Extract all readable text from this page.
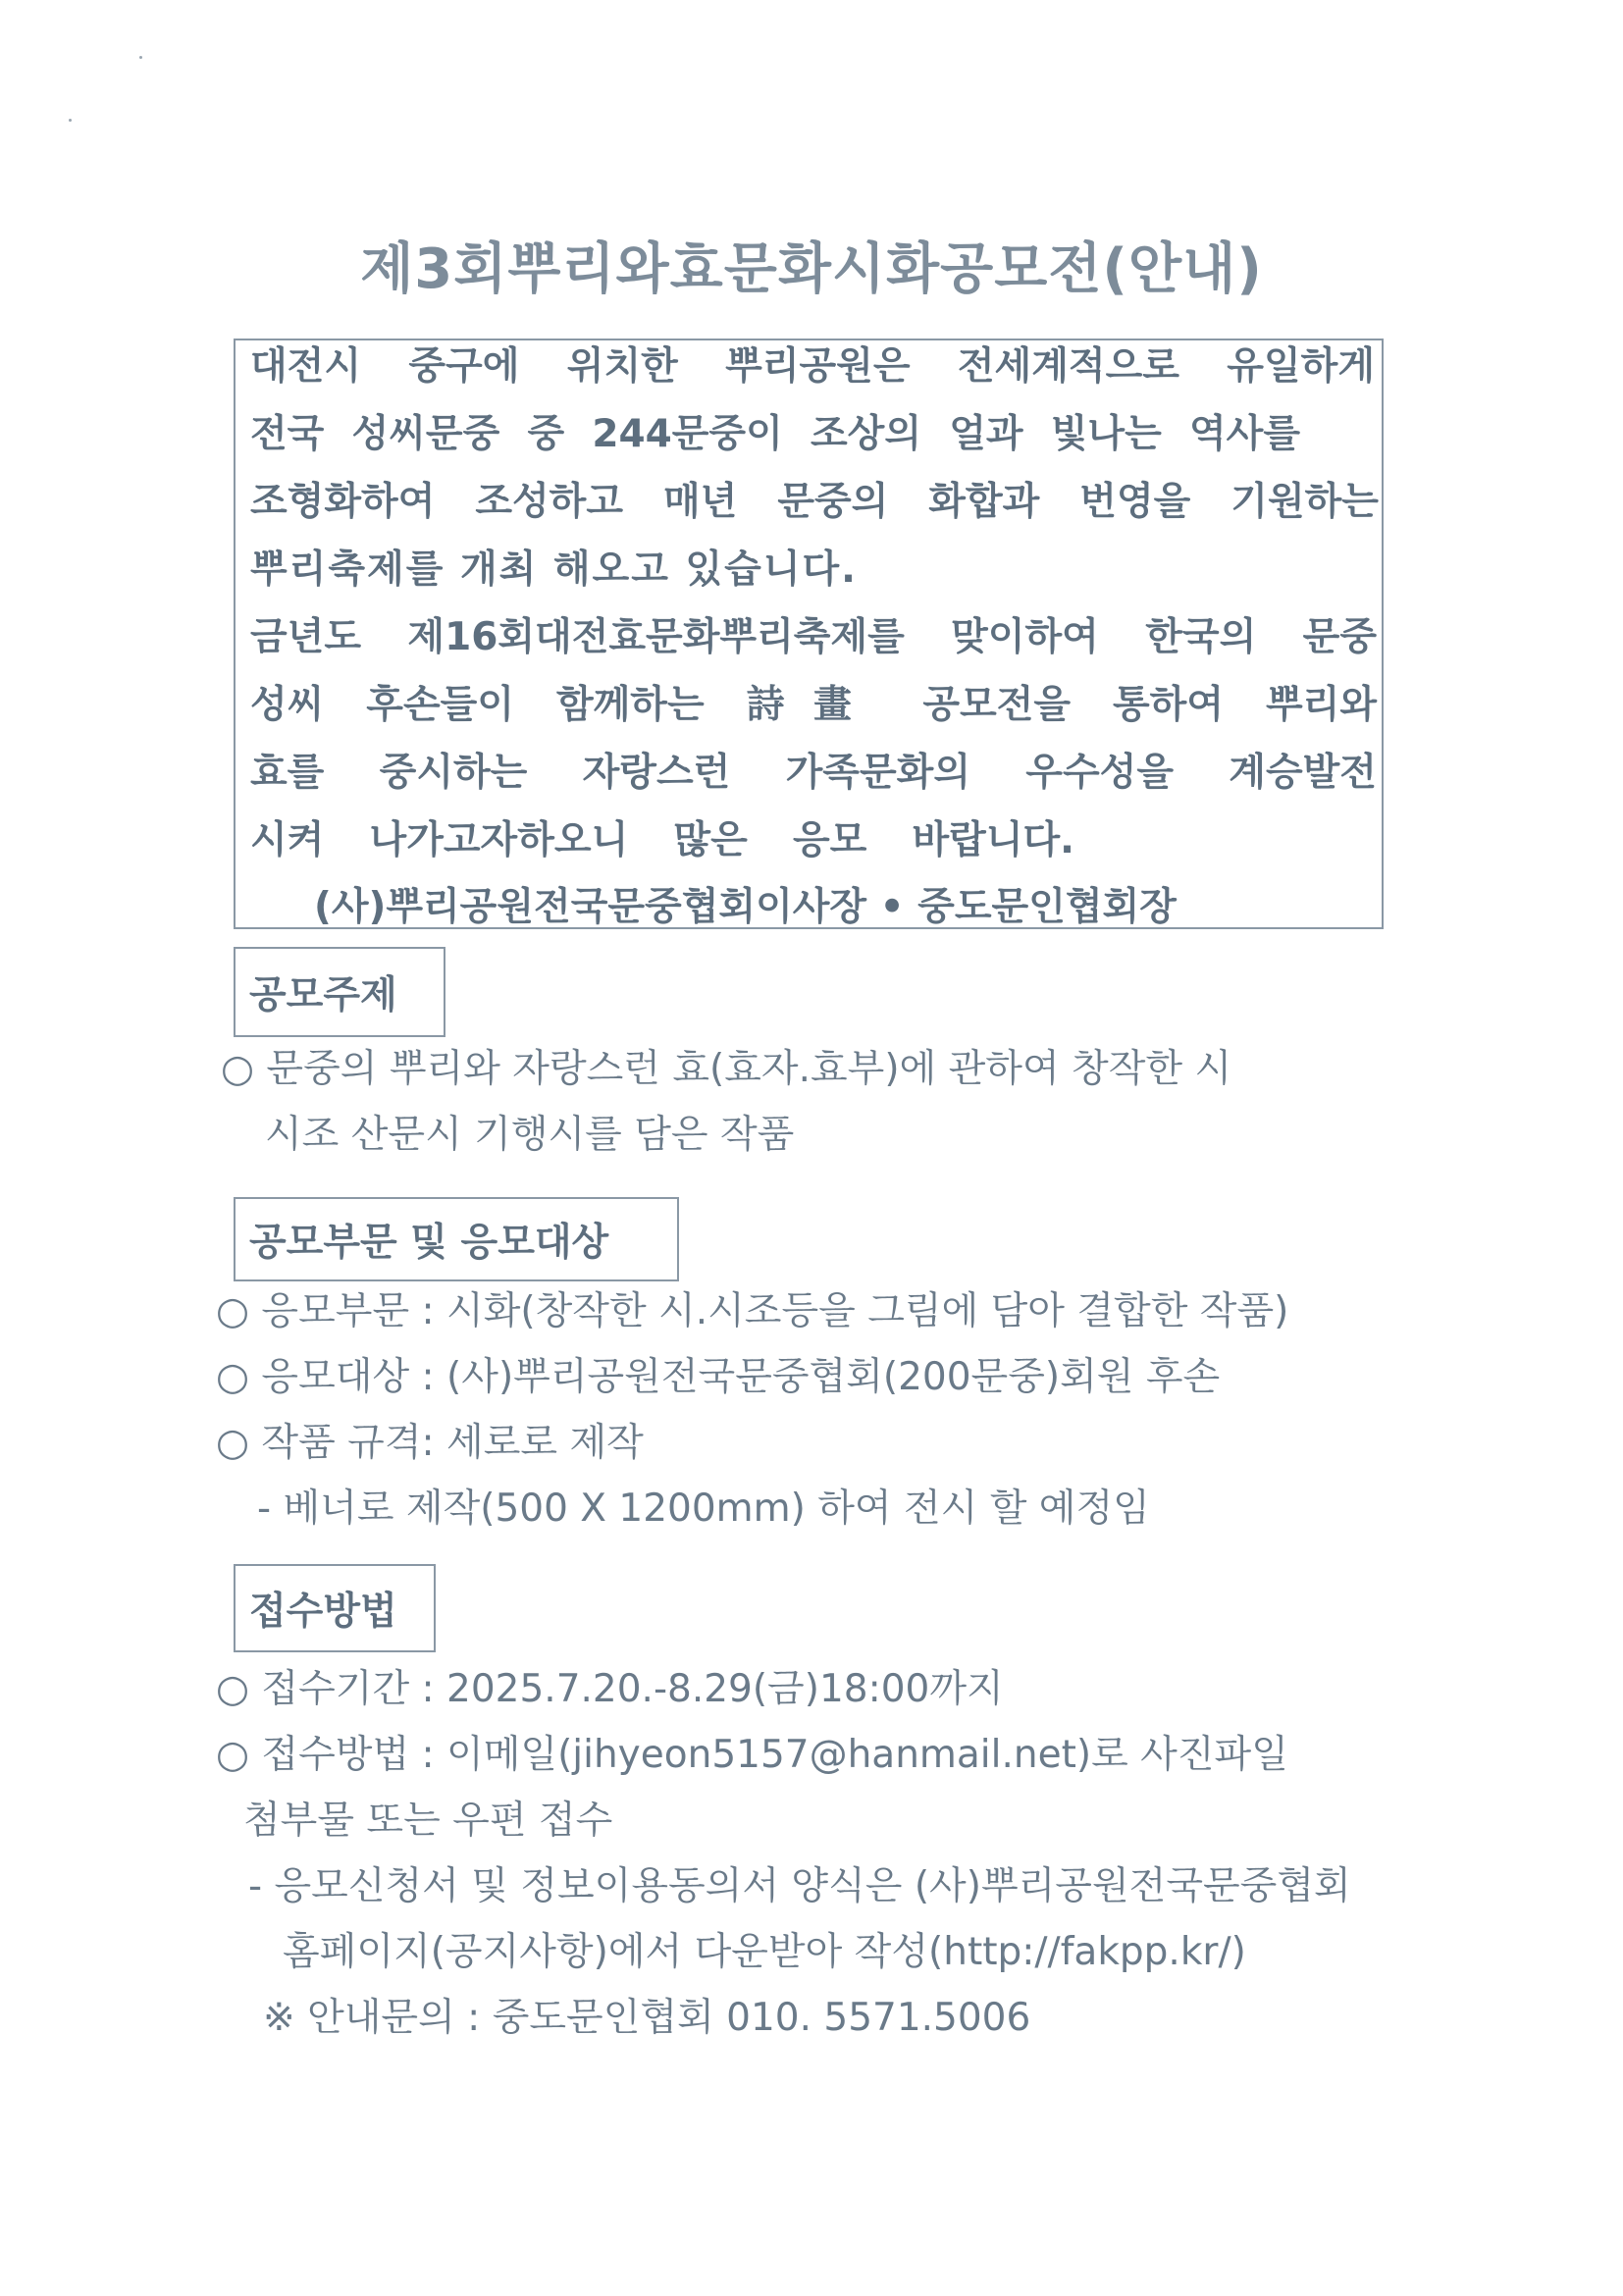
제3회뿌리와효문화시화공모전(안내)
대전시 중구에 위치한 뿌리공원은 전세계적으로 유일하게
전국 성씨문중 중 244문중이 조상의 얼과 빛나는 역사를
조형화하여 조성하고 매년 문중의 화합과 번영을 기원하는
뿌리축제를 개최 해오고 있습니다.
금년도 제16회대전효문화뿌리축제를 맞이하여 한국의 문중
성씨 후손들이 함께하는 詩畫 공모전을 통하여 뿌리와
효를 중시하는 자랑스런 가족문화의 우수성을 계승발전
시켜 나가고자하오니 많은 응모 바랍니다.
(사)뿌리공원전국문중협회이사장 • 중도문인협회장
공모주제
○ 문중의 뿌리와 자랑스런 효(효자.효부)에 관하여 창작한 시
시조 산문시 기행시를 담은 작품
공모부문 및 응모대상
○ 응모부문 : 시화(창작한 시.시조등을 그림에 담아 결합한 작품)
○ 응모대상 : (사)뿌리공원전국문중협회(200문중)회원 후손
○ 작품 규격: 세로로 제작
- 베너로 제작(500 X 1200mm) 하여 전시 할 예정임
접수방법
○ 접수기간 : 2025.7.20.-8.29(금)18:00까지
○ 접수방법 : 이메일(jihyeon5157@hanmail.net)로 사진파일
첨부물 또는 우편 접수
- 응모신청서 및 정보이용동의서 양식은 (사)뿌리공원전국문중협회
홈페이지(공지사항)에서 다운받아 작성(http://fakpp.kr/)
※ 안내문의 : 중도문인협회 010. 5571.5006
